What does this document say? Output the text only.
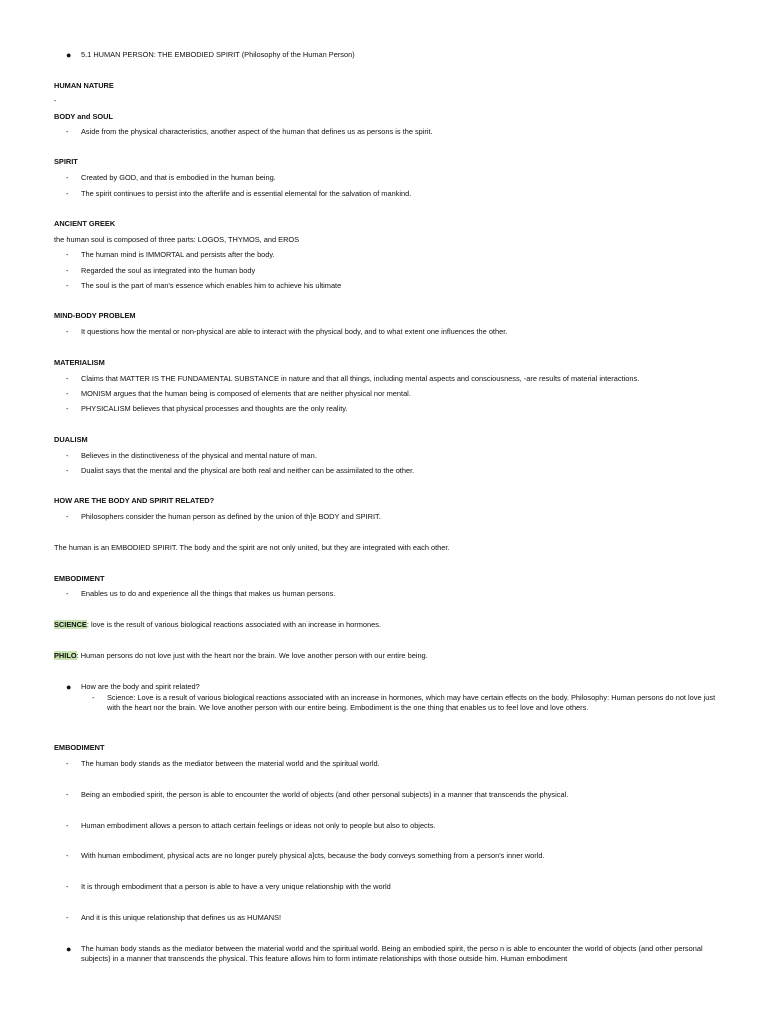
● 5.1 HUMAN PERSON: THE EMBODIED SPIRIT (Philosophy of the Human Person)
HUMAN NATURE
-
BODY and SOUL
- Aside from the physical characteristics, another aspect of the human that defines us as persons is the spirit.
SPIRIT
- Created by GOD, and that is embodied in the human being.
- The spirit continues to persist into the afterlife and is essential elemental for the salvation of mankind.
ANCIENT GREEK
the human soul is composed of three parts: LOGOS, THYMOS, and EROS
- The human mind is IMMORTAL and persists after the body.
- Regarded the soul as integrated into the human body
- The soul is the part of man's essence which enables him to achieve his ultimate
MIND-BODY PROBLEM
- It questions how the mental or non-physical are able to interact with the physical body, and to what extent one influences the other.
MATERIALISM
- Claims that MATTER IS THE FUNDAMENTAL SUBSTANCE in nature and that all things, including mental aspects and consciousness, -are results of material interactions.
- MONISM argues that the human being is composed of elements that are neither physical nor mental.
- PHYSICALISM believes that physical processes and thoughts are the only reality.
DUALISM
- Believes in the distinctiveness of the physical and mental nature of man.
- Dualist says that the mental and the physical are both real and neither can be assimilated to the other.
HOW ARE THE BODY AND SPIRIT RELATED?
- Philosophers consider the human person as defined by the union of th]e BODY and SPIRIT.
The human is an EMBODIED SPIRIT. The body and the spirit are not only united, but they are integrated with each other.
EMBODIMENT
- Enables us to do and experience all the things that makes us human persons.
SCIENCE: love is the result of various biological reactions associated with an increase in hormones.
PHILO: Human persons do not love just with the heart nor the brain. We love another person with our entire being.
● How are the body and spirit related?
- Science: Love is a result of various biological reactions associated with an increase in hormones, which may have certain effects on the body. Philosophy: Human persons do not love just with the heart nor the brain. We love another person with our entire being. Embodiment is the one thing that enables us to feel love and love others.
EMBODIMENT
- The human body stands as the mediator between the material world and the spiritual world.
- Being an embodied spirit, the person is able to encounter the world of objects (and other personal subjects) in a manner that transcends the physical.
- Human embodiment allows a person to attach certain feelings or ideas not only to people but also to objects.
- With human embodiment, physical acts are no longer purely physical a]cts, because the body conveys something from a person's inner world.
- It is through embodiment that a person is able to have a very unique relationship with the world
- And it is this unique relationship that defines us as HUMANS!
● The human body stands as the mediator between the material world and the spiritual world. Being an embodied spirit, the perso n is able to encounter the world of objects (and other personal subjects) in a manner that transcends the physical. This feature allows him to form intimate relationships with those outside him. Human embodiment
